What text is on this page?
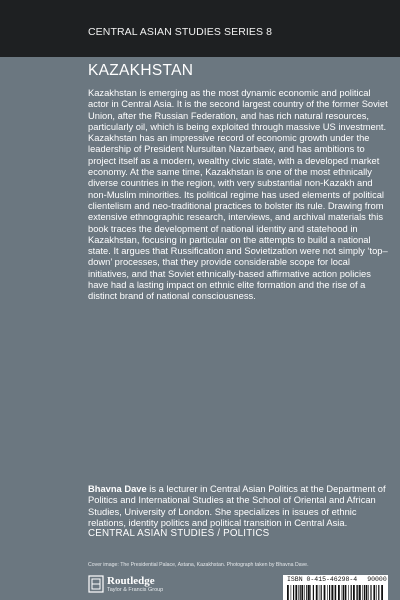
CENTRAL ASIAN STUDIES SERIES 8
KAZAKHSTAN
Kazakhstan is emerging as the most dynamic economic and political actor in Central Asia. It is the second largest country of the former Soviet Union, after the Russian Federation, and has rich natural resources, particularly oil, which is being exploited through massive US investment. Kazakhstan has an impressive record of economic growth under the leadership of President Nursultan Nazarbaev, and has ambitions to project itself as a modern, wealthy civic state, with a developed market economy. At the same time, Kazakhstan is one of the most ethnically diverse countries in the region, with very substantial non-Kazakh and non-Muslim minorities. Its political regime has used elements of political clientelism and neo-traditional practices to bolster its rule. Drawing from extensive ethnographic research, interviews, and archival materials this book traces the development of national identity and statehood in Kazakhstan, focusing in particular on the attempts to build a national state. It argues that Russification and Sovietization were not simply ‘top–down’ processes, that they provide considerable scope for local initiatives, and that Soviet ethnically-based affirmative action policies have had a lasting impact on ethnic elite formation and the rise of a distinct brand of national consciousness.
Bhavna Dave is a lecturer in Central Asian Politics at the Department of Politics and International Studies at the School of Oriental and African Studies, University of London. She specializes in issues of ethnic relations, identity politics and political transition in Central Asia.
CENTRAL ASIAN STUDIES / POLITICS
Cover image: The Presidential Palace, Astana, Kazakhstan. Photograph taken by Bhavna Dave.
Routledge
Taylor & Francis Group
ISBN 0-415-46298-4 90000
